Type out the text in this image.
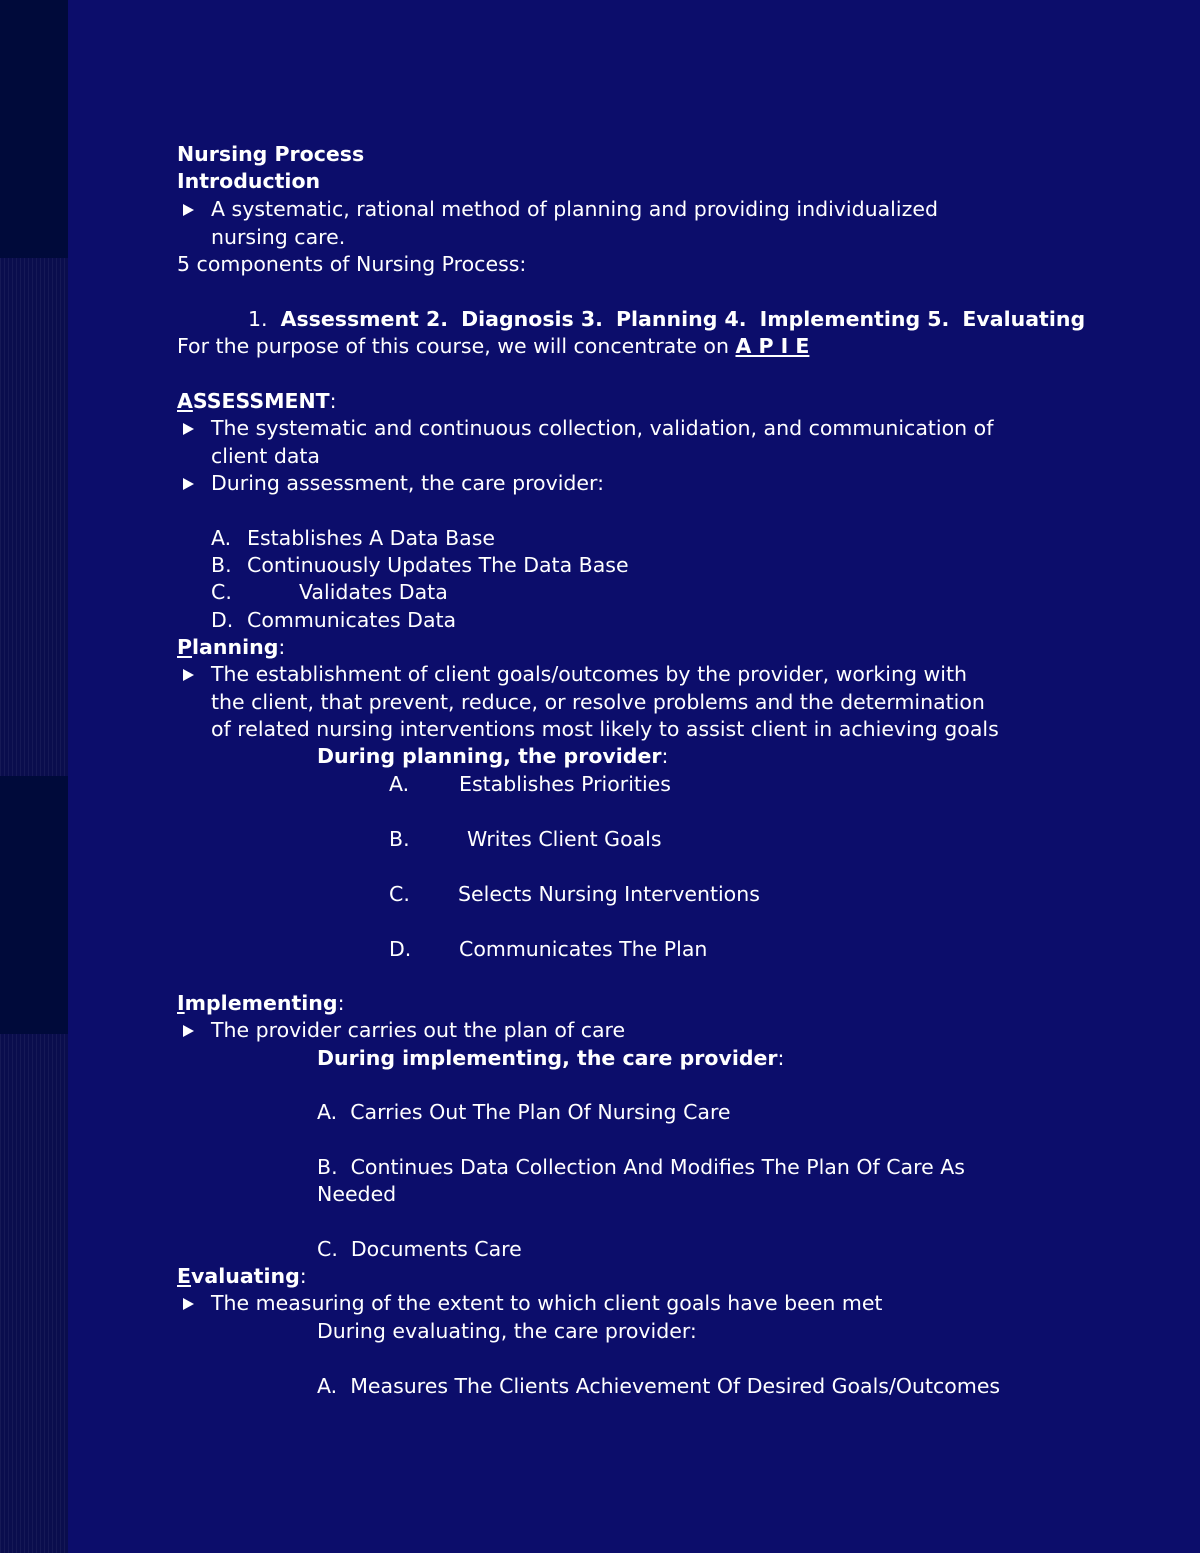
Nursing Process
Introduction
A systematic, rational method of planning and providing individualized
nursing care.
5 components of Nursing Process:
1. Assessment 2. Diagnosis 3. Planning 4. Implementing 5. Evaluating
For the purpose of this course, we will concentrate on A P I E
ASSESSMENT:
The systematic and continuous collection, validation, and communication of
client data
During assessment, the care provider:
A. Establishes A Data Base
B. Continuously Updates The Data Base
C.	Validates Data
D. Communicates Data
Planning:
The establishment of client goals/outcomes by the provider, working with
the client, that prevent, reduce, or resolve problems and the determination
of related nursing interventions most likely to assist client in achieving goals
During planning, the provider:
A. Establishes Priorities
B.	Writes Client Goals
C. Selects Nursing Interventions
D. Communicates The Plan
Implementing:
The provider carries out the plan of care
During implementing, the care provider:
A.  Carries Out The Plan Of Nursing Care
B.  Continues Data Collection And Modifies The Plan Of Care As
Needed
C.  Documents Care
Evaluating:
The measuring of the extent to which client goals have been met
During evaluating, the care provider:
A.  Measures The Clients Achievement Of Desired Goals/Outcomes
